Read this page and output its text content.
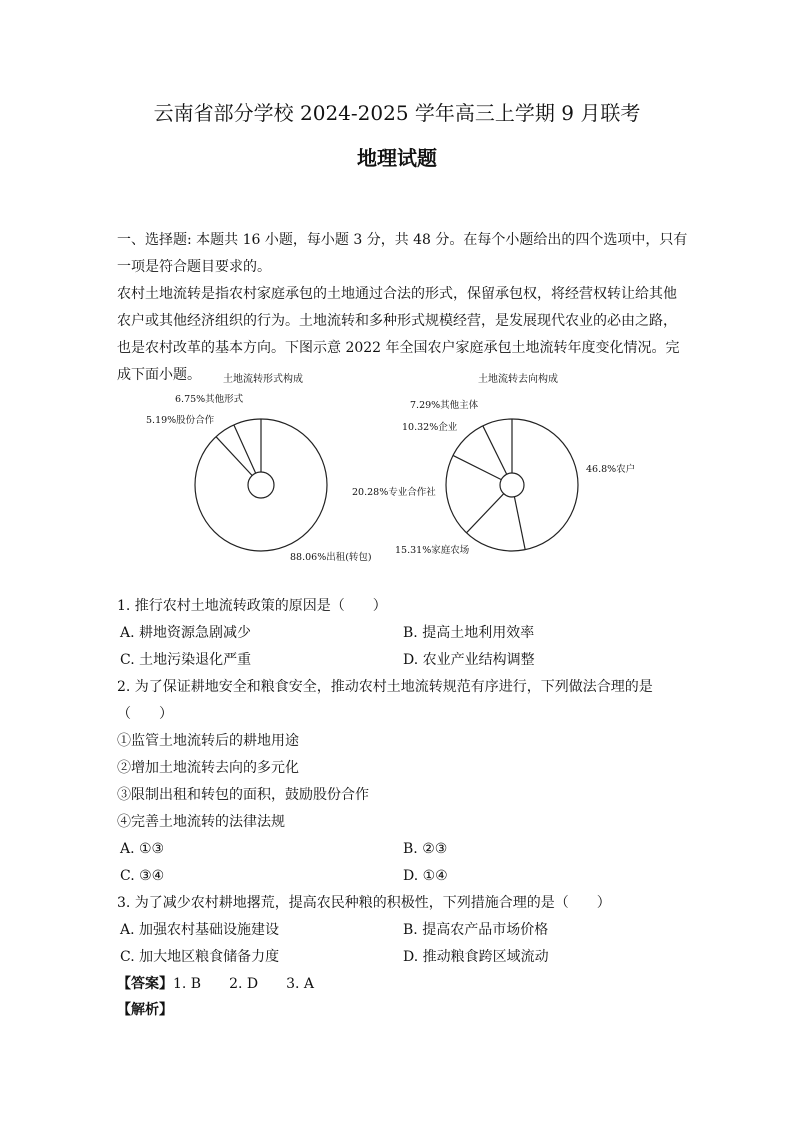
云南省部分学校 2024-2025 学年高三上学期 9 月联考
地理试题
一、选择题: 本题共 16 小题，每小题 3 分，共 48 分。在每个小题给出的四个选项中，只有
一项是符合题目要求的。
农村土地流转是指农村家庭承包的土地通过合法的形式，保留承包权，将经营权转让给其他
农户或其他经济组织的行为。土地流转和多种形式规模经营，是发展现代农业的必由之路，
也是农村改革的基本方向。下图示意 2022 年全国农户家庭承包土地流转年度变化情况。完
成下面小题。 土地流转形式构成
88.06%出租(转包)
5.19%股份合作
6.75%其他形式
土地流转去向构成
46.8%农户
15.31%家庭农场
20.28%专业合作社
10.32%企业
7.29%其他主体
1. 推行农村土地流转政策的原因是（　　）
A. 耕地资源急剧减少	B. 提高土地利用效率
C. 土地污染退化严重	D. 农业产业结构调整
2. 为了保证耕地安全和粮食安全，推动农村土地流转规范有序进行，下列做法合理的是
（　　）
①监管土地流转后的耕地用途
②增加土地流转去向的多元化
③限制出租和转包的面积，鼓励股份合作
④完善土地流转的法律法规
A. ①③	B. ②③
C. ③④	D. ①④
3. 为了减少农村耕地撂荒，提高农民种粮的积极性，下列措施合理的是（　　）
A. 加强农村基础设施建设	B. 提高农产品市场价格
C. 加大地区粮食储备力度	D. 推动粮食跨区域流动
【答案】1. B　　2. D　　3. A
【解析】
